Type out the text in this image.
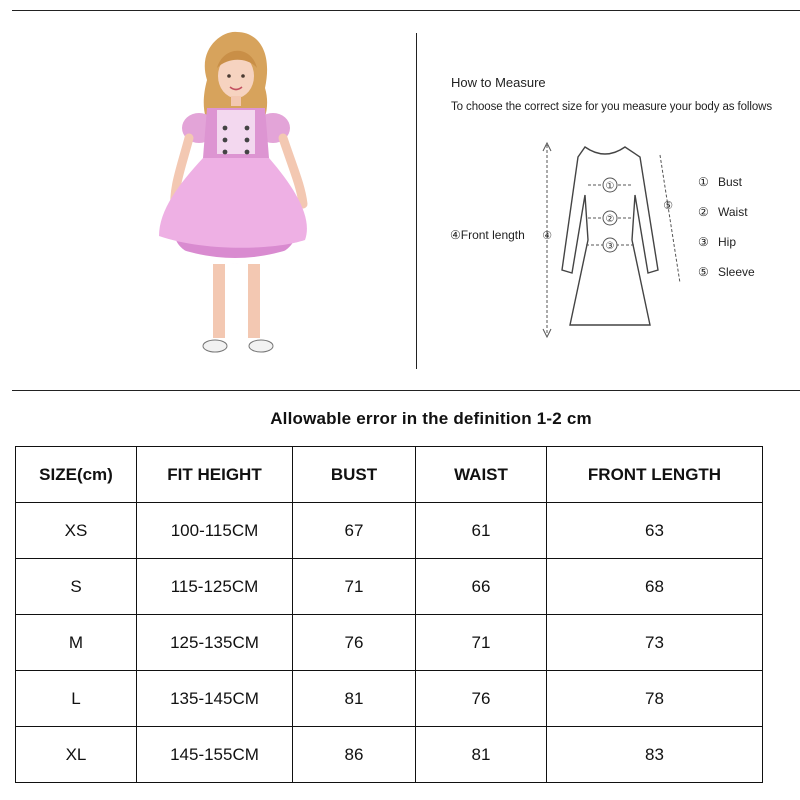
How to Measure
To choose the correct size for you measure your body as follows
④Front length
①
②
③
④
⑤
① Bust
② Waist
③ Hip
⑤ Sleeve
Allowable error in the definition 1-2 cm
SIZE(cm)	FIT HEIGHT	BUST	WAIST	FRONT LENGTH
XS	100-115CM	67	61	63
S	115-125CM	71	66	68
M	125-135CM	76	71	73
L	135-145CM	81	76	78
XL	145-155CM	86	81	83
